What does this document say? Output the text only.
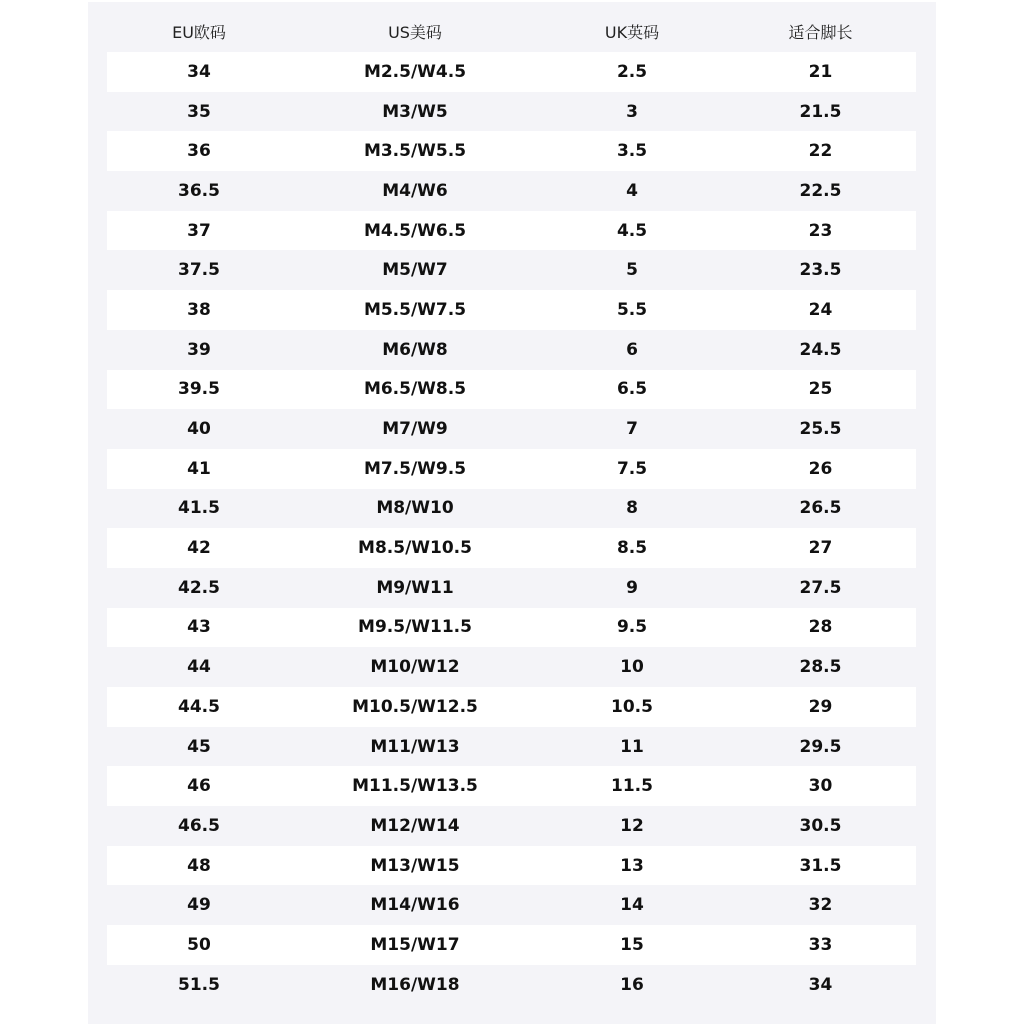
EU欧码	US美码	UK英码	适合脚长
34	M2.5/W4.5	2.5	21
35	M3/W5	3	21.5
36	M3.5/W5.5	3.5	22
36.5	M4/W6	4	22.5
37	M4.5/W6.5	4.5	23
37.5	M5/W7	5	23.5
38	M5.5/W7.5	5.5	24
39	M6/W8	6	24.5
39.5	M6.5/W8.5	6.5	25
40	M7/W9	7	25.5
41	M7.5/W9.5	7.5	26
41.5	M8/W10	8	26.5
42	M8.5/W10.5	8.5	27
42.5	M9/W11	9	27.5
43	M9.5/W11.5	9.5	28
44	M10/W12	10	28.5
44.5	M10.5/W12.5	10.5	29
45	M11/W13	11	29.5
46	M11.5/W13.5	11.5	30
46.5	M12/W14	12	30.5
48	M13/W15	13	31.5
49	M14/W16	14	32
50	M15/W17	15	33
51.5	M16/W18	16	34
